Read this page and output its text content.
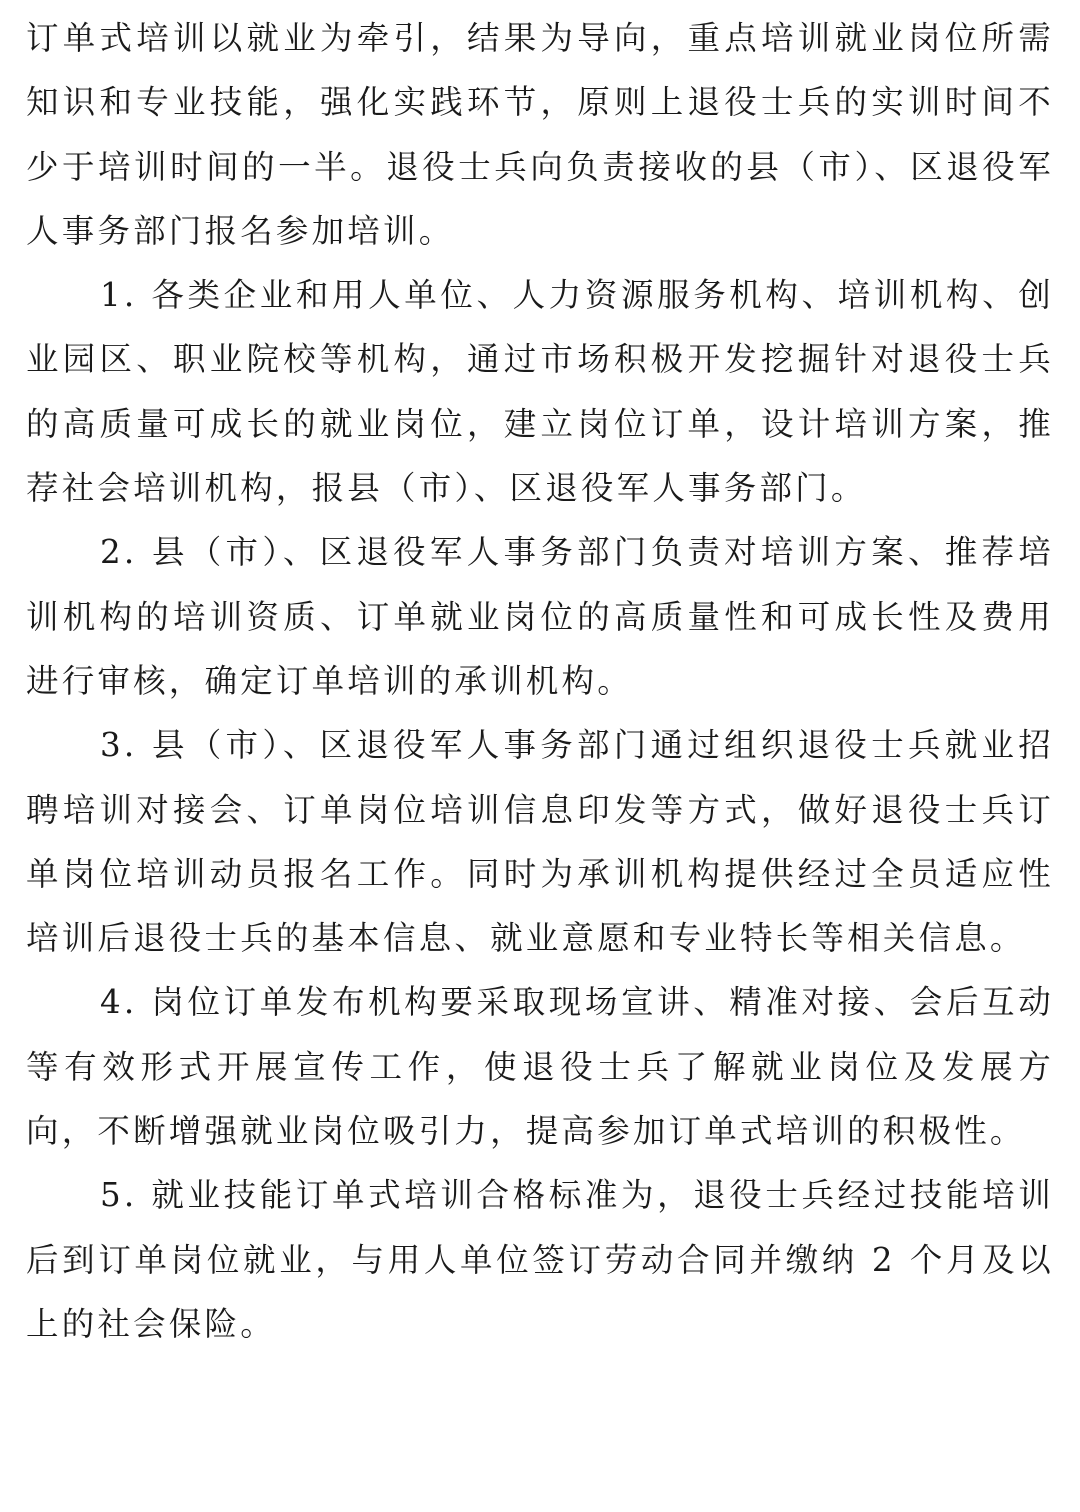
订单式培训以就业为牵引，结果为导向，重点培训就业岗位所需知识和专业技能，强化实践环节，原则上退役士兵的实训时间不少于培训时间的一半。退役士兵向负责接收的县（市）、区退役军人事务部门报名参加培训。

1. 各类企业和用人单位、人力资源服务机构、培训机构、创业园区、职业院校等机构，通过市场积极开发挖掘针对退役士兵的高质量可成长的就业岗位，建立岗位订单，设计培训方案，推荐社会培训机构，报县（市）、区退役军人事务部门。

2. 县（市）、区退役军人事务部门负责对培训方案、推荐培训机构的培训资质、订单就业岗位的高质量性和可成长性及费用进行审核，确定订单培训的承训机构。

3. 县（市）、区退役军人事务部门通过组织退役士兵就业招聘培训对接会、订单岗位培训信息印发等方式，做好退役士兵订单岗位培训动员报名工作。同时为承训机构提供经过全员适应性培训后退役士兵的基本信息、就业意愿和专业特长等相关信息。

4. 岗位订单发布机构要采取现场宣讲、精准对接、会后互动等有效形式开展宣传工作，使退役士兵了解就业岗位及发展方向，不断增强就业岗位吸引力，提高参加订单式培训的积极性。

5. 就业技能订单式培训合格标准为，退役士兵经过技能培训后到订单岗位就业，与用人单位签订劳动合同并缴纳 2 个月及以上的社会保险。
